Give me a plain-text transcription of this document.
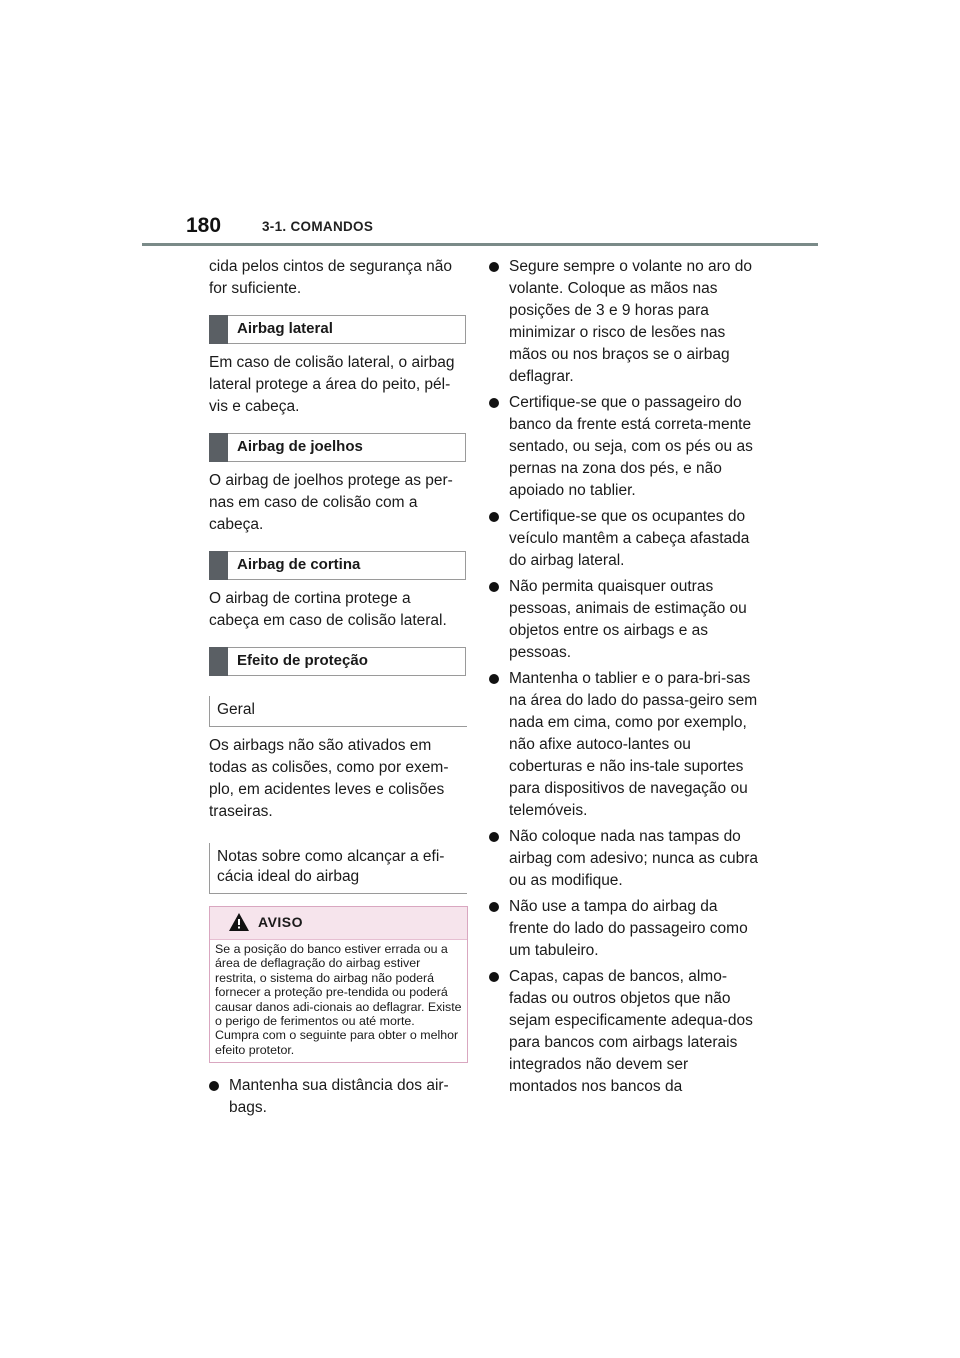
180	3-1. COMANDOS

cida pelos cintos de segurança não for suficiente.

Airbag lateral

Em caso de colisão lateral, o airbag lateral protege a área do peito, pél-vis e cabeça.

Airbag de joelhos

O airbag de joelhos protege as per-nas em caso de colisão com a cabeça.

Airbag de cortina

O airbag de cortina protege a cabeça em caso de colisão lateral.

Efeito de proteção
Geral

Os airbags não são ativados em todas as colisões, como por exem-plo, em acidentes leves e colisões traseiras.

Notas sobre como alcançar a efi-cácia ideal do airbag
AVISO
Se a posição do banco estiver errada ou a área de deflagração do airbag estiver restrita, o sistema do airbag não poderá fornecer a proteção pre-tendida ou poderá causar danos adi-cionais ao deflagrar. Existe o perigo de ferimentos ou até morte. Cumpra com o seguinte para obter o melhor efeito protetor.
Mantenha sua distância dos air-bags.
Segure sempre o volante no aro do volante. Coloque as mãos nas posições de 3 e 9 horas para minimizar o risco de lesões nas mãos ou nos braços se o airbag deflagrar.
Certifique-se que o passageiro do banco da frente está correta-mente sentado, ou seja, com os pés ou as pernas na zona dos pés, e não apoiado no tablier.
Certifique-se que os ocupantes do veículo mantêm a cabeça afastada do airbag lateral.
Não permita quaisquer outras pessoas, animais de estimação ou objetos entre os airbags e as pessoas.
Mantenha o tablier e o para-bri-sas na área do lado do passa-geiro sem nada em cima, como por exemplo, não afixe autoco-lantes ou coberturas e não ins-tale suportes para dispositivos de navegação ou telemóveis.
Não coloque nada nas tampas do airbag com adesivo; nunca as cubra ou as modifique.
Não use a tampa do airbag da frente do lado do passageiro como um tabuleiro.
Capas, capas de bancos, almo-fadas ou outros objetos que não sejam especificamente adequa-dos para bancos com airbags laterais integrados não devem ser montados nos bancos da
